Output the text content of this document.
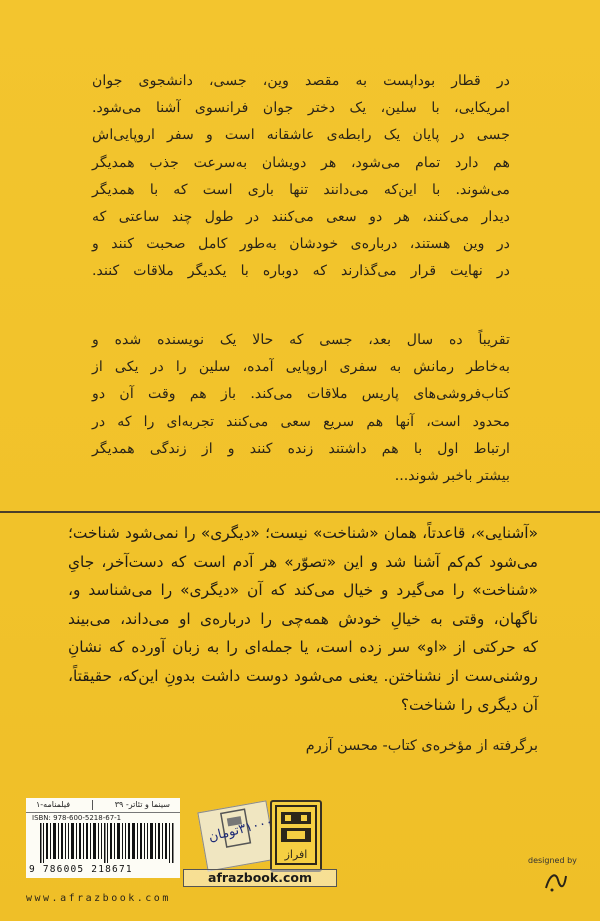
در قطار بوداپست به مقصد وین، جسی، دانشجوی جوان
امریکایی، با سلین، یک دختر جوان فرانسوی آشنا می‌شود.
جسی در پایان یک رابطه‌ی عاشقانه است و سفر اروپایی‌اش
هم دارد تمام می‌شود، هر دویشان به‌سرعت جذب همدیگر
می‌شوند. با این‌که می‌دانند تنها باری است که با همدیگر
دیدار می‌کنند، هر دو سعی می‌کنند در طول چند ساعتی که
در وین هستند، درباره‌ی خودشان به‌طور کامل صحبت کنند و
در نهایت قرار می‌گذارند که دوباره با یکدیگر ملاقات کنند.
تقریباً ده سال بعد، جسی که حالا یک نویسنده شده و
به‌خاطر رمانش به سفری اروپایی آمده، سلین را در یکی از
کتاب‌فروشی‌های پاریس ملاقات می‌کند. باز هم وقت آن دو
محدود است، آنها هم سریع سعی می‌کنند تجربه‌ای را که در
ارتباط اول با هم داشتند زنده کنند و از زندگی همدیگر
بیشتر باخبر شوند...
«آشنایی»، قاعدتاً، همان «شناخت» نیست؛ «دیگری» را نمی‌شود شناخت؛
می‌شود کم‌کم آشنا شد و این «تصوّر» هر آدم است که دست‌آخر، جایِ
«شناخت» را می‌گیرد و خیال می‌کند که آن «دیگری» را می‌شناسد و،
ناگهان، وقتی به خیالِ خودش همه‌چی را درباره‌ی او می‌داند، می‌بیند
که حرکتی از «او» سر زده است، یا جمله‌ای را به زبان آورده که نشانِ
روشنی‌ست از نشناختن. یعنی می‌شود دوست داشت بدونِ این‌که، حقیقتاً،
آن دیگری را شناخت؟
برگرفته از مؤخره‌ی کتاب- محسن آزرم
سینما و تئاتر- ۳۹
فیلمنامه-۱
ISBN: 978-600-5218-67-1
9 786005 218671
۳۱۰۰۰تومان
افراز
afrazbook.com
www.afrazbook.com
designed by
